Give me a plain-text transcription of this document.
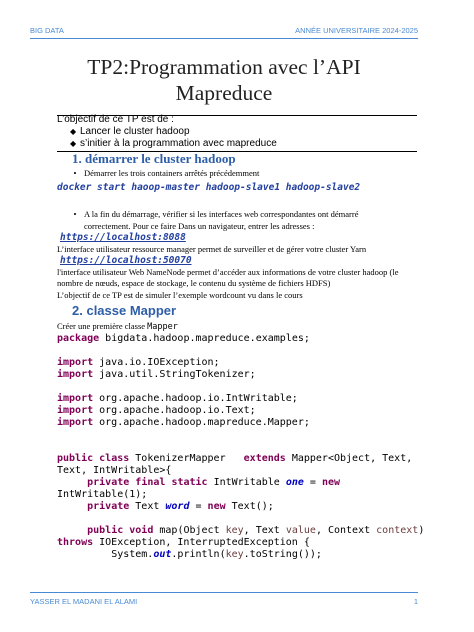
BIG DATA	ANNÉE UNIVERSITAIRE 2024-2025
TP2:Programmation avec l’API
Mapreduce
L’objectif de ce TP est de :
◆ Lancer le cluster hadoop
◆ s’initier à la programmation avec mapreduce
1. démarrer le cluster hadoop
• Démarrer les trois containers arrêtés précédemment
docker start haoop-master hadoop-slave1 hadoop-slave2
• A la fin du démarrage, vérifier si les interfaces web correspondantes ont démarré
correctement. Pour ce faire Dans un navigateur, entrer les adresses :
https://localhost:8088
L’interface utilisateur ressource manager permet de surveiller et de gérer votre cluster Yarn
https://localhost:50070
l'interface utilisateur Web NameNode permet d’accéder aux informations de votre cluster hadoop (le
nombre de nœuds, espace de stockage, le contenu du système de fichiers HDFS)
L’objectif de ce TP est de simuler l’exemple wordcount vu dans le cours
2. classe Mapper
Créer une première classe Mapper
package bigdata.hadoop.mapreduce.examples;

import java.io.IOException;
import java.util.StringTokenizer;

import org.apache.hadoop.io.IntWritable;
import org.apache.hadoop.io.Text;
import org.apache.hadoop.mapreduce.Mapper;

public class TokenizerMapper   extends Mapper<Object, Text,
Text, IntWritable>{
private final static IntWritable one = new
IntWritable(1);
private Text word = new Text();

public void map(Object key, Text value, Context context)
throws IOException, InterruptedException {
System.out.println(key.toString());
YASSER EL MADANI EL ALAMI	1
